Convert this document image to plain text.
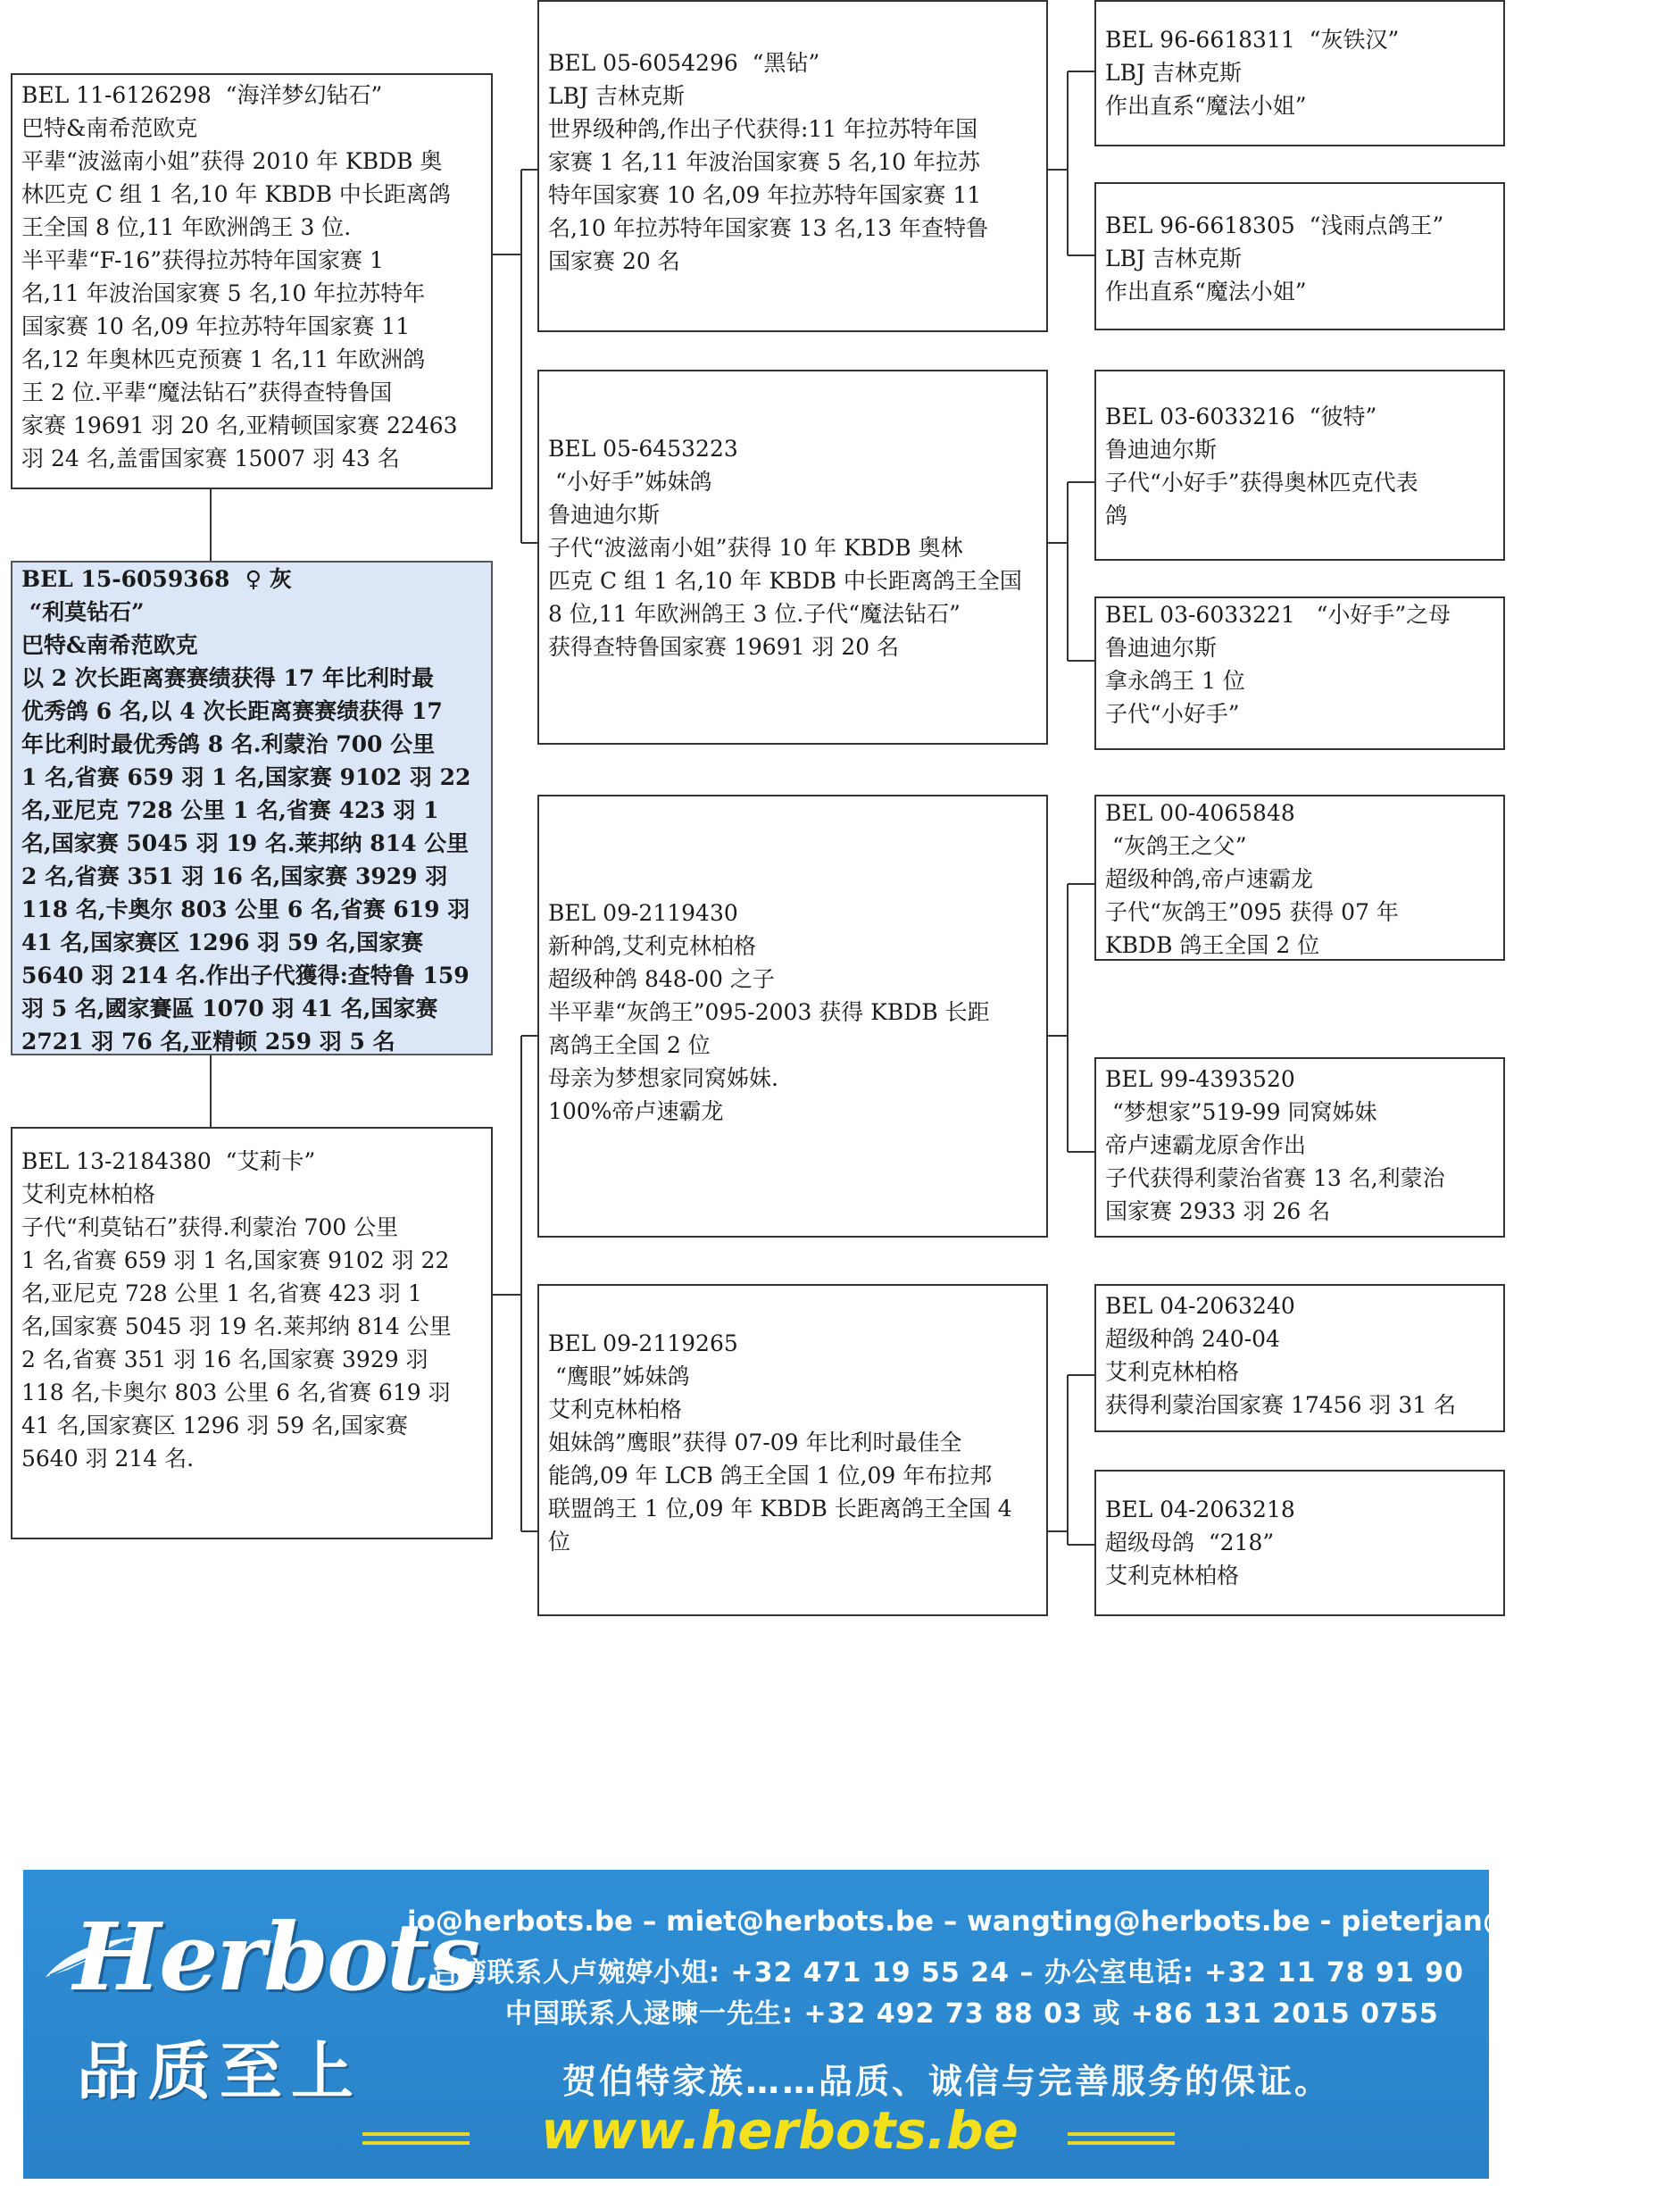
BEL 11-6126298  “海洋梦幻钻石”
巴特&南希范欧克
平辈“波滋南小姐”获得 2010 年 KBDB 奥
林匹克 C 组 1 名,10 年 KBDB 中长距离鸽
王全国 8 位,11 年欧洲鸽王 3 位.
半平辈“F-16”获得拉苏特年国家赛 1
名,11 年波治国家赛 5 名,10 年拉苏特年
国家赛 10 名,09 年拉苏特年国家赛 11
名,12 年奥林匹克预赛 1 名,11 年欧洲鸽
王 2 位.平辈“魔法钻石”获得查特鲁国
家赛 19691 羽 20 名,亚精顿国家赛 22463
羽 24 名,盖雷国家赛 15007 羽 43 名
BEL 15-6059368  ♀ 灰
“利莫钻石”
巴特&南希范欧克
以 2 次长距离赛赛绩获得 17 年比利时最
优秀鸽 6 名,以 4 次长距离赛赛绩获得 17
年比利时最优秀鸽 8 名.利蒙治 700 公里
1 名,省赛 659 羽 1 名,国家赛 9102 羽 22
名,亚尼克 728 公里 1 名,省赛 423 羽 1
名,国家赛 5045 羽 19 名.莱邦纳 814 公里
2 名,省赛 351 羽 16 名,国家赛 3929 羽
118 名,卡奥尔 803 公里 6 名,省赛 619 羽
41 名,国家赛区 1296 羽 59 名,国家赛
5640 羽 214 名.作出子代獲得:查特鲁 159
羽 5 名,國家賽區 1070 羽 41 名,国家赛
2721 羽 76 名,亚精顿 259 羽 5 名
BEL 13-2184380  “艾莉卡”
艾利克林柏格
子代“利莫钻石”获得.利蒙治 700 公里
1 名,省赛 659 羽 1 名,国家赛 9102 羽 22
名,亚尼克 728 公里 1 名,省赛 423 羽 1
名,国家赛 5045 羽 19 名.莱邦纳 814 公里
2 名,省赛 351 羽 16 名,国家赛 3929 羽
118 名,卡奥尔 803 公里 6 名,省赛 619 羽
41 名,国家赛区 1296 羽 59 名,国家赛
5640 羽 214 名.
BEL 05-6054296  “黑钻”
LBJ 吉林克斯
世界级种鸽,作出子代获得:11 年拉苏特年国
家赛 1 名,11 年波治国家赛 5 名,10 年拉苏
特年国家赛 10 名,09 年拉苏特年国家赛 11
名,10 年拉苏特年国家赛 13 名,13 年查特鲁
国家赛 20 名
BEL 05-6453223
“小好手”姊妹鸽
鲁迪迪尔斯
子代“波滋南小姐”获得 10 年 KBDB 奥林
匹克 C 组 1 名,10 年 KBDB 中长距离鸽王全国
8 位,11 年欧洲鸽王 3 位.子代“魔法钻石”
获得查特鲁国家赛 19691 羽 20 名
BEL 09-2119430
新种鸽,艾利克林柏格
超级种鸽 848-00 之子
半平辈“灰鸽王”095-2003 获得 KBDB 长距
离鸽王全国 2 位
母亲为梦想家同窝姊妹.
100%帝卢速霸龙
BEL 09-2119265
“鹰眼”姊妹鸽
艾利克林柏格
姐妹鸽”鹰眼”获得 07-09 年比利时最佳全
能鸽,09 年 LCB 鸽王全国 1 位,09 年布拉邦
联盟鸽王 1 位,09 年 KBDB 长距离鸽王全国 4
位
BEL 96-6618311  “灰铁汉”
LBJ 吉林克斯
作出直系“魔法小姐”
BEL 96-6618305  “浅雨点鸽王”
LBJ 吉林克斯
作出直系“魔法小姐”
BEL 03-6033216  “彼特”
鲁迪迪尔斯
子代“小好手”获得奥林匹克代表
鸽
BEL 03-6033221   “小好手”之母
鲁迪迪尔斯
拿永鸽王 1 位
子代“小好手”
BEL 00-4065848
“灰鸽王之父”
超级种鸽,帝卢速霸龙
子代“灰鸽王”095 获得 07 年
KBDB 鸽王全国 2 位
BEL 99-4393520
“梦想家”519-99 同窝姊妹
帝卢速霸龙原舍作出
子代获得利蒙治省赛 13 名,利蒙治
国家赛 2933 羽 26 名
BEL 04-2063240
超级种鸽 240-04
艾利克林柏格
获得利蒙治国家赛 17456 羽 31 名
BEL 04-2063218
超级母鸽  “218”
艾利克林柏格
Herbots
品质至上
jo@herbots.be – miet@herbots.be – wangting@herbots.be - pieterjan@herbots.be
台湾联系人卢婉婷小姐: +32 471 19 55 24 – 办公室电话: +32 11 78 91 90
中国联系人逯暕一先生: +32 492 73 88 03 或 +86 131 2015 0755
贺伯特家族……品质、诚信与完善服务的保证。
www.herbots.be
